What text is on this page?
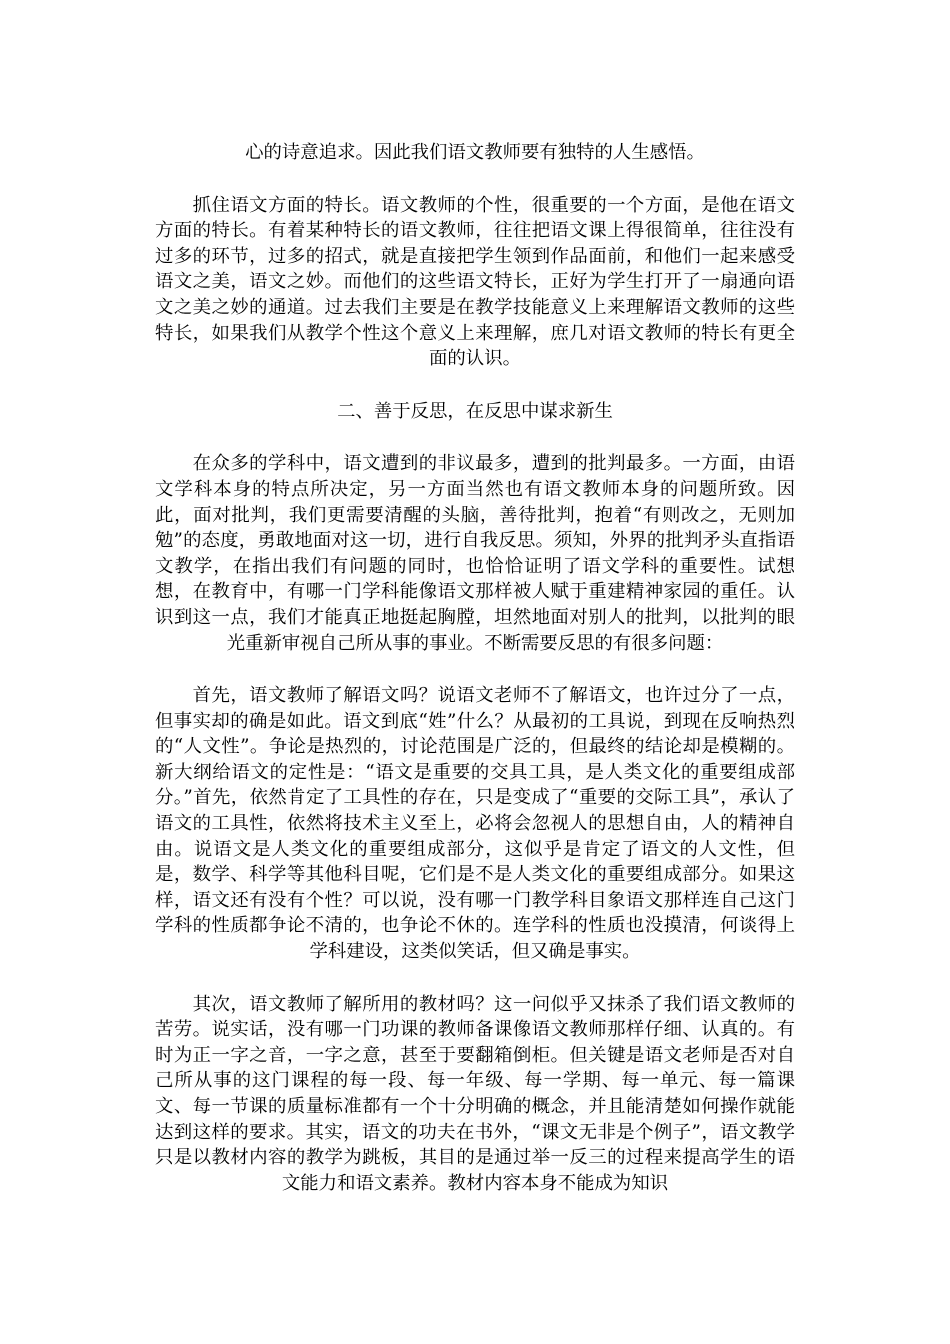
心的诗意追求。因此我们语文教师要有独特的人生感悟。

　　抓住语文方面的特长。语文教师的个性，很重要的一个方面，是他在语文方面的特长。有着某种特长的语文教师，往往把语文课上得很简单，往往没有过多的环节，过多的招式，就是直接把学生领到作品面前，和他们一起来感受语文之美，语文之妙。而他们的这些语文特长，正好为学生打开了一扇通向语文之美之妙的通道。过去我们主要是在教学技能意义上来理解语文教师的这些特长，如果我们从教学个性这个意义上来理解，庶几对语文教师的特长有更全面的认识。

二、善于反思，在反思中谋求新生

　　在众多的学科中，语文遭到的非议最多，遭到的批判最多。一方面，由语文学科本身的特点所决定，另一方面当然也有语文教师本身的问题所致。因此，面对批判，我们更需要清醒的头脑，善待批判，抱着“有则改之，无则加勉”的态度，勇敢地面对这一切，进行自我反思。须知，外界的批判矛头直指语文教学，在指出我们有问题的同时，也恰恰证明了语文学科的重要性。试想想，在教育中，有哪一门学科能像语文那样被人赋于重建精神家园的重任。认识到这一点，我们才能真正地挺起胸膛，坦然地面对别人的批判，以批判的眼光重新审视自己所从事的事业。不断需要反思的有很多问题：

　　首先，语文教师了解语文吗？说语文老师不了解语文，也许过分了一点，但事实却的确是如此。语文到底“姓”什么？从最初的工具说，到现在反响热烈的“人文性”。争论是热烈的，讨论范围是广泛的，但最终的结论却是模糊的。新大纲给语文的定性是：“语文是重要的交具工具，是人类文化的重要组成部分。”首先，依然肯定了工具性的存在，只是变成了“重要的交际工具”，承认了语文的工具性，依然将技术主义至上，必将会忽视人的思想自由，人的精神自由。说语文是人类文化的重要组成部分，这似乎是肯定了语文的人文性，但是，数学、科学等其他科目呢，它们是不是人类文化的重要组成部分。如果这样，语文还有没有个性？可以说，没有哪一门教学科目象语文那样连自己这门学科的性质都争论不清的，也争论不休的。连学科的性质也没摸清，何谈得上学科建设，这类似笑话，但又确是事实。

　　其次，语文教师了解所用的教材吗？这一问似乎又抹杀了我们语文教师的苦劳。说实话，没有哪一门功课的教师备课像语文教师那样仔细、认真的。有时为正一字之音，一字之意，甚至于要翻箱倒柜。但关键是语文老师是否对自己所从事的这门课程的每一段、每一年级、每一学期、每一单元、每一篇课文、每一节课的质量标准都有一个十分明确的概念，并且能清楚如何操作就能达到这样的要求。其实，语文的功夫在书外，“课文无非是个例子”，语文教学只是以教材内容的教学为跳板，其目的是通过举一反三的过程来提高学生的语文能力和语文素养。教材内容本身不能成为知识
